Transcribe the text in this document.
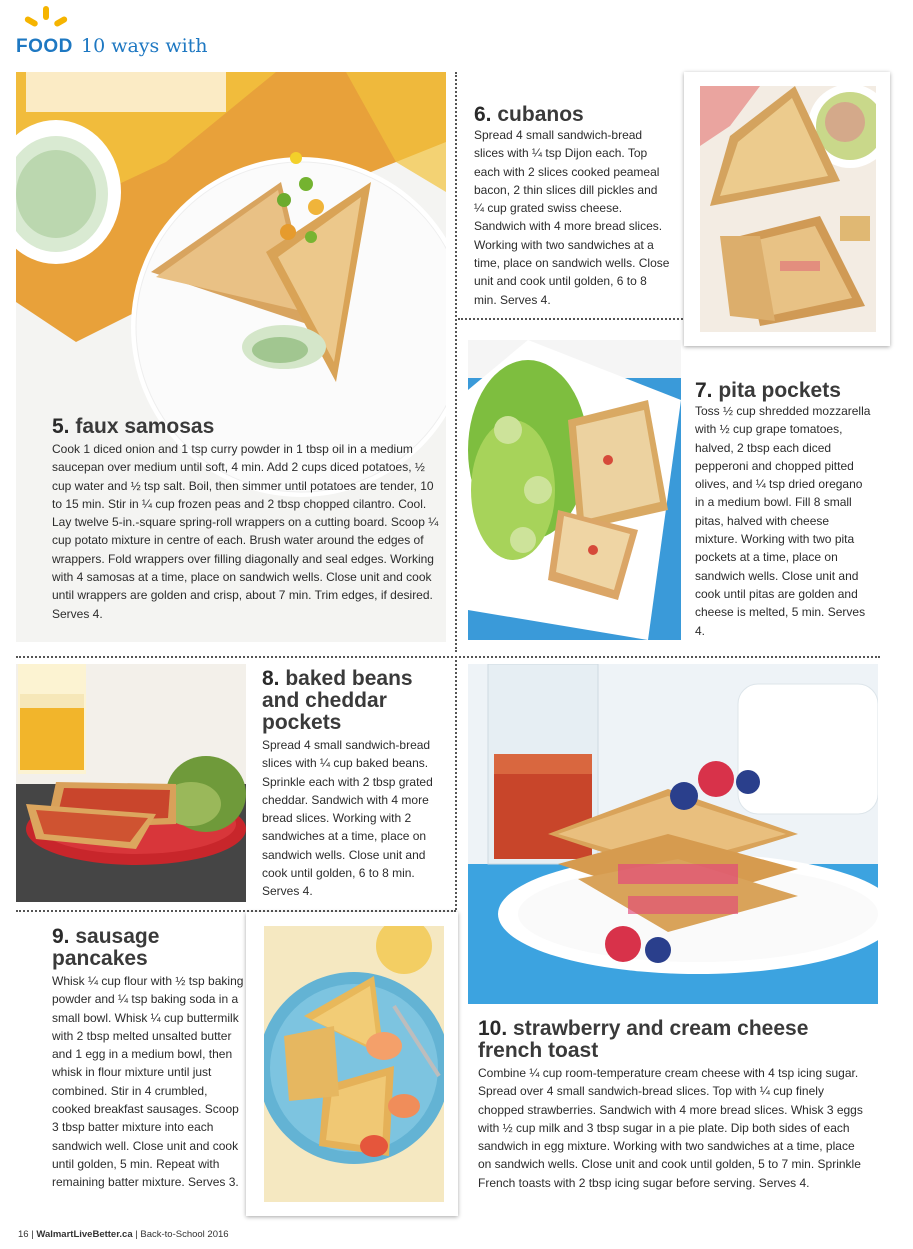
FOOD 10 ways with
5. faux samosas
Cook 1 diced onion and 1 tsp curry powder in 1 tbsp oil in a medium saucepan over medium until soft, 4 min. Add 2 cups diced potatoes, ½ cup water and ½ tsp salt. Boil, then simmer until potatoes are tender, 10 to 15 min. Stir in ¼ cup frozen peas and 2 tbsp chopped cilantro. Cool. Lay twelve 5-in.-square spring-roll wrappers on a cutting board. Scoop ¼ cup potato mixture in centre of each. Brush water around the edges of wrappers. Fold wrappers over filling diagonally and seal edges. Working with 4 samosas at a time, place on sandwich wells. Close unit and cook until wrappers are golden and crisp, about 7 min. Trim edges, if desired. Serves 4.
6. cubanos
Spread 4 small sandwich-bread slices with ¼ tsp Dijon each. Top each with 2 slices cooked peameal bacon, 2 thin slices dill pickles and ¼ cup grated swiss cheese. Sandwich with 4 more bread slices. Working with two sandwiches at a time, place on sandwich wells. Close unit and cook until golden, 6 to 8 min. Serves 4.
7. pita pockets
Toss ½ cup shredded mozzarella with ½ cup grape tomatoes, halved, 2 tbsp each diced pepperoni and chopped pitted olives, and ¼ tsp dried oregano in a medium bowl. Fill 8 small pitas, halved with cheese mixture. Working with two pita pockets at a time, place on sandwich wells. Close unit and cook until pitas are golden and cheese is melted, 5 min. Serves 4.
8. baked beans and cheddar pockets
Spread 4 small sandwich-bread slices with ¼ cup baked beans. Sprinkle each with 2 tbsp grated cheddar. Sandwich with 4 more bread slices. Working with 2 sandwiches at a time, place on sandwich wells. Close unit and cook until golden, 6 to 8 min. Serves 4.
9. sausage pancakes
Whisk ¼ cup flour with ½ tsp baking powder and ¼ tsp baking soda in a small bowl. Whisk ¼ cup buttermilk with 2 tbsp melted unsalted butter and 1 egg in a medium bowl, then whisk in flour mixture until just combined. Stir in 4 crumbled, cooked breakfast sausages. Scoop 3 tbsp batter mixture into each sandwich well. Close unit and cook until golden, 5 min. Repeat with remaining batter mixture. Serves 3.
10. strawberry and cream cheese french toast
Combine ¼ cup room-temperature cream cheese with 4 tsp icing sugar. Spread over 4 small sandwich-bread slices. Top with ¼ cup finely chopped strawberries. Sandwich with 4 more bread slices. Whisk 3 eggs with ½ cup milk and 3 tbsp sugar in a pie plate. Dip both sides of each sandwich in egg mixture. Working with two sandwiches at a time, place on sandwich wells. Close unit and cook until golden, 5 to 7 min. Sprinkle French toasts with 2 tbsp icing sugar before serving. Serves 4.
16 | WalmartLiveBetter.ca | Back-to-School 2016
